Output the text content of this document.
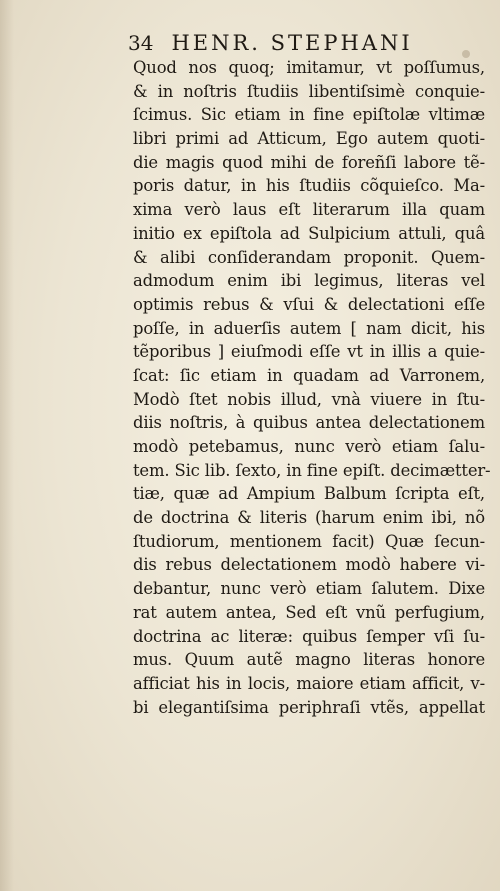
34 HENR. STEPHANI
Quod nos quoq; imitamur, vt poſſumus,
& in noſtris ſtudiis libentiſsimè conquie-
ſcimus. Sic etiam in fine epiſtolæ vltimæ
libri primi ad Atticum, Ego autem quoti-
die magis quod mihi de foreñſi labore tẽ-
poris datur, in his ſtudiis cõquieſco. Ma-
xima verò laus eſt literarum illa quam
initio ex epiſtola ad Sulpicium attuli, quâ
& alibi conſiderandam proponit. Quem-
admodum enim ibi legimus, literas vel
optimis rebus & vſui & delectationi eſſe
poſſe, in aduerſis autem [ nam dicit, his
tẽporibus ] eiuſmodi eſſe vt in illis a quie-
ſcat: ſic etiam in quadam ad Varronem,
Modò ſtet nobis illud, vnà viuere in ſtu-
diis noſtris, à quibus antea delectationem
modò petebamus, nunc verò etiam ſalu-
tem. Sic lib. ſexto, in fine epiſt. decimætter-
tiæ, quæ ad Ampium Balbum ſcripta eſt,
de doctrina & literis (harum enim ibi, nõ
ſtudiorum, mentionem facit) Quæ ſecun-
dis rebus delectationem modò habere vi-
debantur, nunc verò etiam ſalutem. Dixe
rat autem antea, Sed eſt vnũ perfugium,
doctrina ac literæ: quibus ſemper vſi ſu-
mus. Quum autẽ magno literas honore
afficiat his in locis, maiore etiam afficit, v-
bi elegantiſsima periphraſi vtẽs, appellat
